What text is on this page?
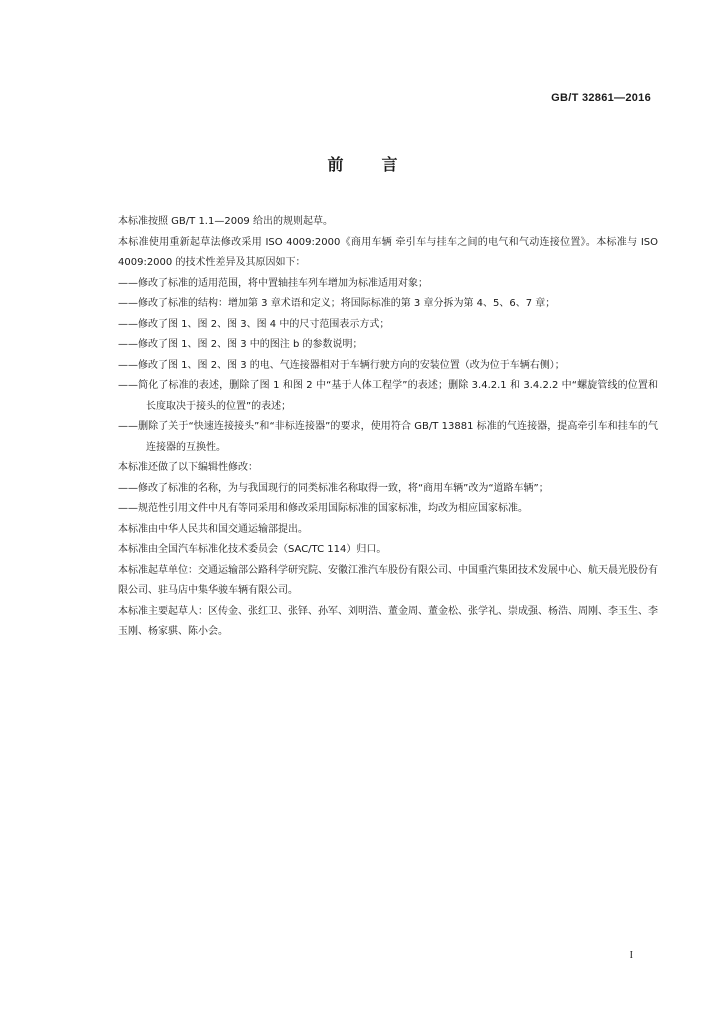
GB/T 32861—2016
前言

本标准按照 GB/T 1.1—2009 给出的规则起草。

本标准使用重新起草法修改采用 ISO 4009:2000《商用车辆 牵引车与挂车之间的电气和气动连接位置》。本标准与 ISO 4009:2000 的技术性差异及其原因如下：

——修改了标准的适用范围，将中置轴挂车列车增加为标准适用对象；

——修改了标准的结构：增加第 3 章术语和定义；将国际标准的第 3 章分拆为第 4、5、6、7 章；

——修改了图 1、图 2、图 3、图 4 中的尺寸范围表示方式；

——修改了图 1、图 2、图 3 中的图注 b 的参数说明；

——修改了图 1、图 2、图 3 的电、气连接器相对于车辆行驶方向的安装位置（改为位于车辆右侧）；

——简化了标准的表述，删除了图 1 和图 2 中“基于人体工程学”的表述；删除 3.4.2.1 和 3.4.2.2 中“螺旋管线的位置和长度取决于接头的位置”的表述；

——删除了关于“快速连接接头”和“非标连接器”的要求，使用符合 GB/T 13881 标准的气连接器，提高牵引车和挂车的气连接器的互换性。

本标准还做了以下编辑性修改：

——修改了标准的名称，为与我国现行的同类标准名称取得一致，将“商用车辆”改为“道路车辆”；

——规范性引用文件中凡有等同采用和修改采用国际标准的国家标准，均改为相应国家标准。

本标准由中华人民共和国交通运输部提出。

本标准由全国汽车标准化技术委员会（SAC/TC 114）归口。

本标准起草单位：交通运输部公路科学研究院、安徽江淮汽车股份有限公司、中国重汽集团技术发展中心、航天晨光股份有限公司、驻马店中集华骏车辆有限公司。

本标准主要起草人：区传金、张红卫、张铎、孙军、刘明浩、董金周、董金松、张学礼、崇成强、杨浩、周刚、李玉生、李玉刚、杨家骐、陈小会。

I
